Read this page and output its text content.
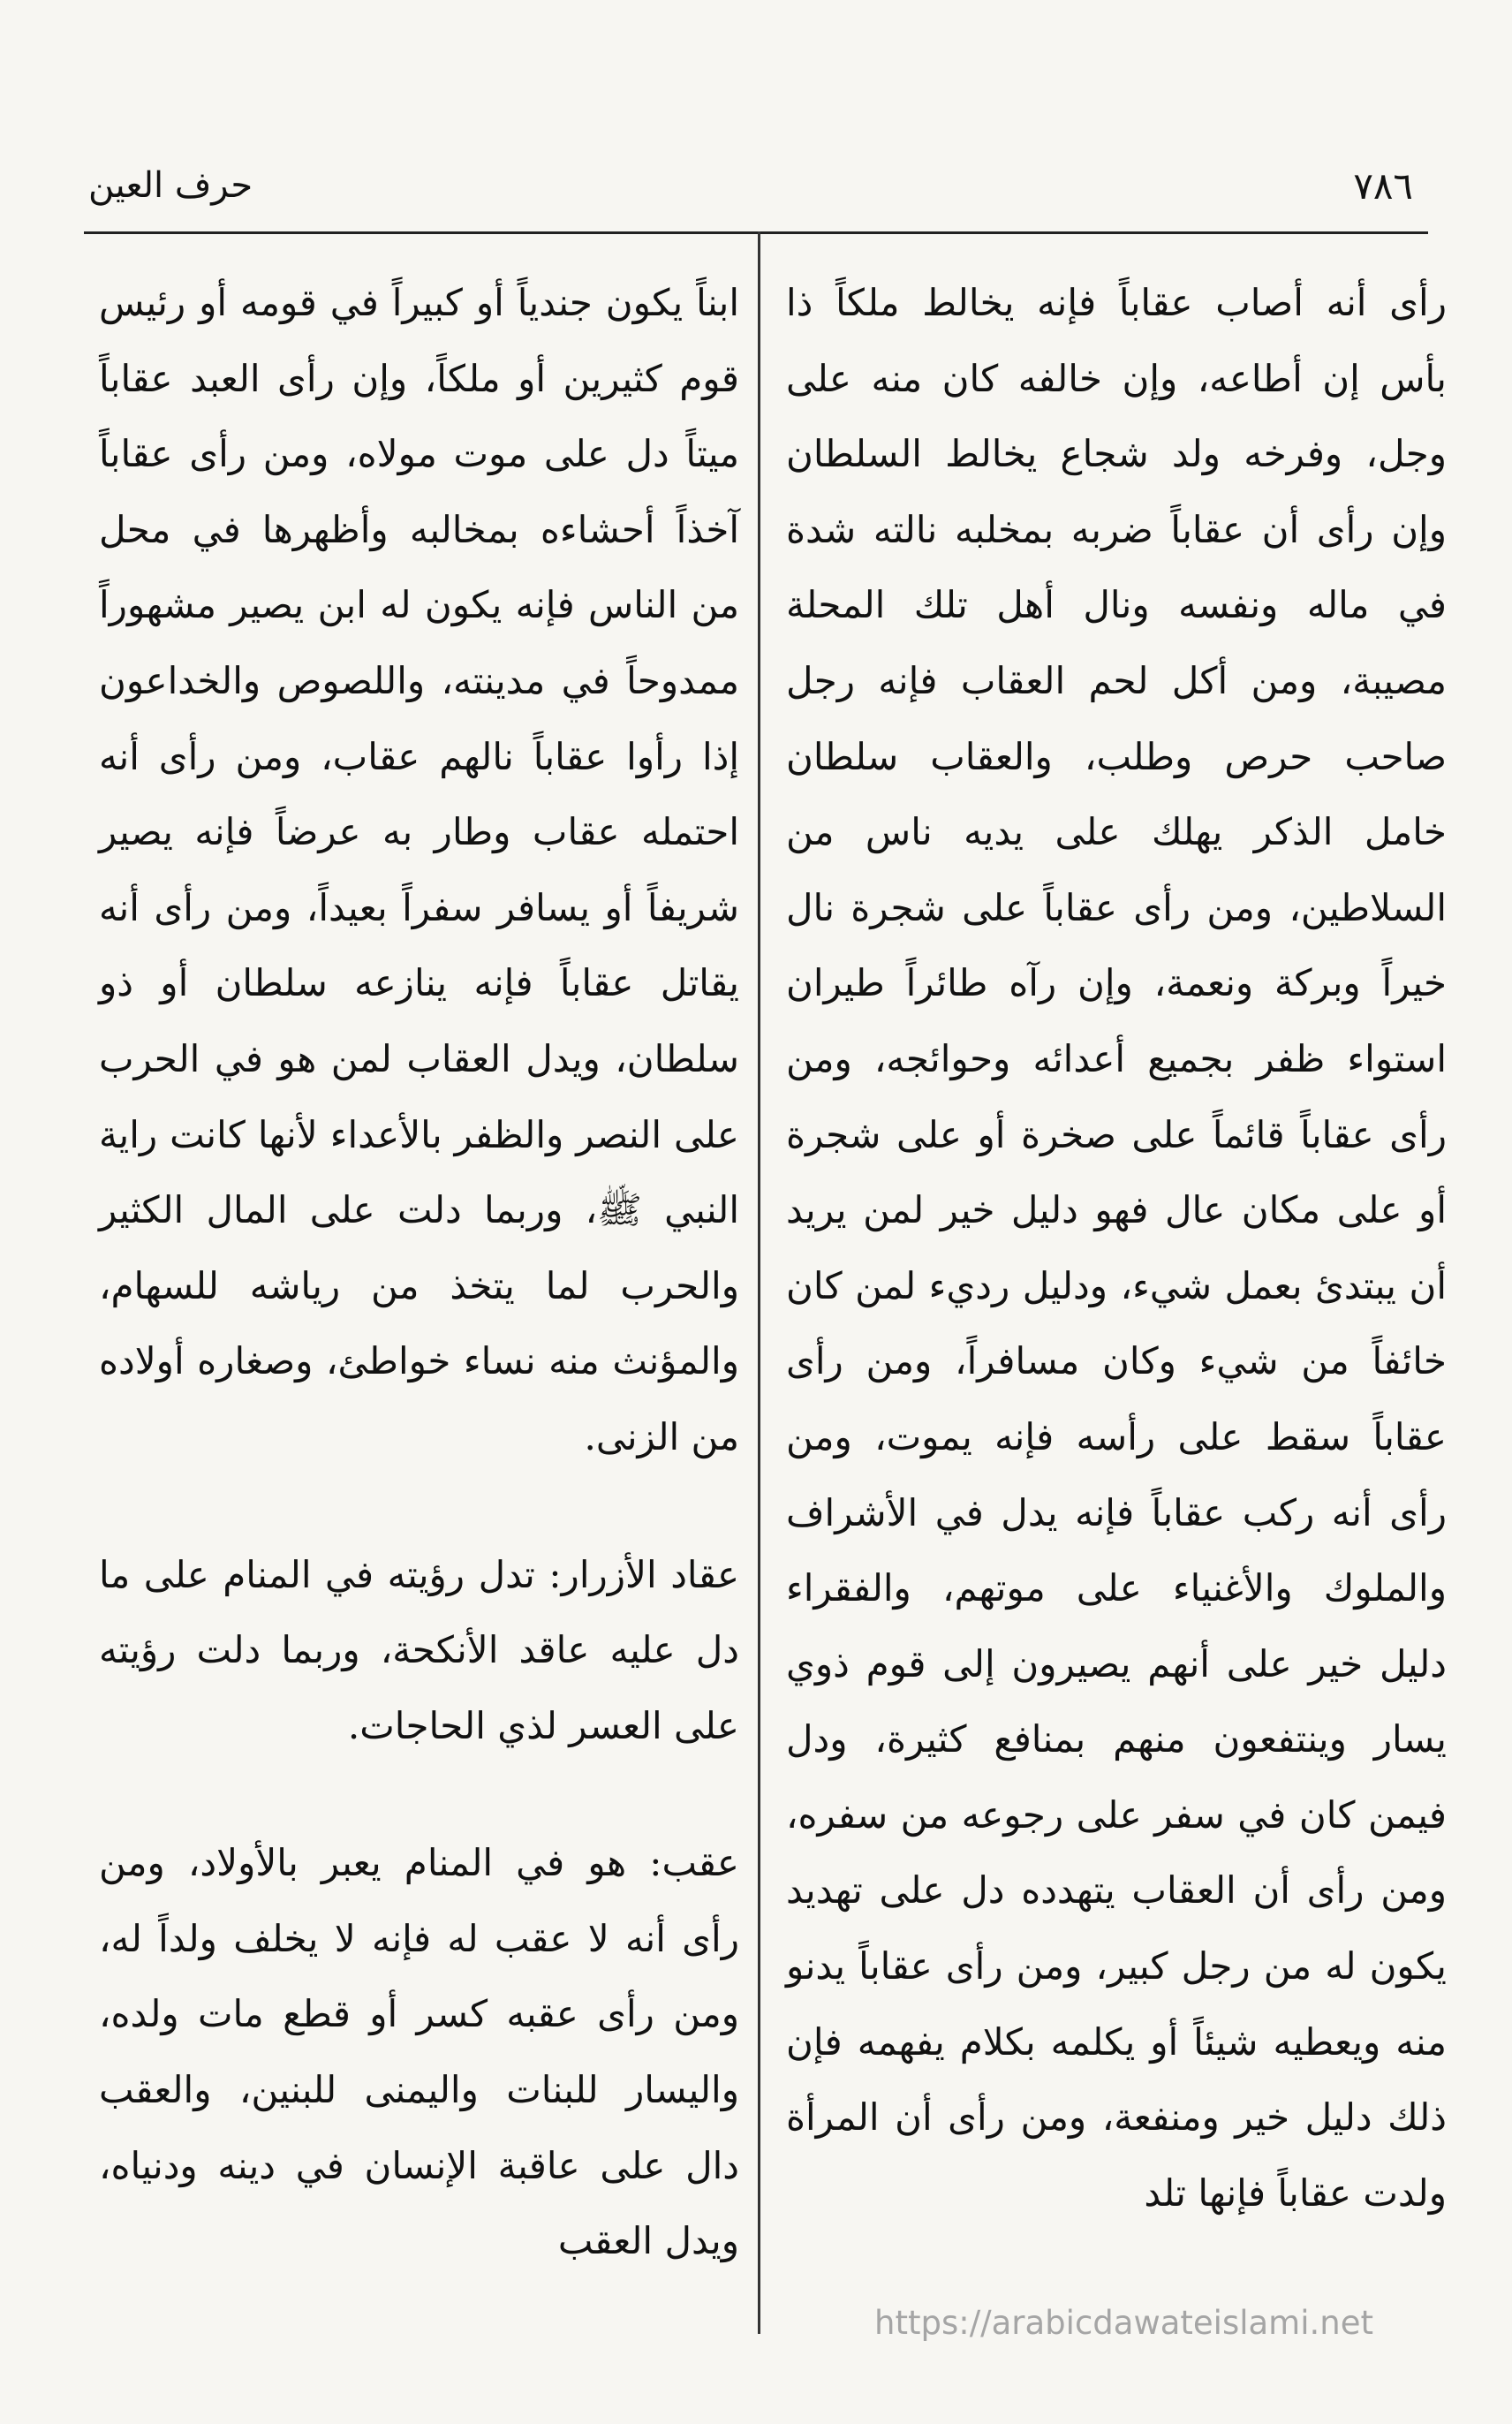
حرف العين	٧٨٦

رأى أنه أصاب عقاباً فإنه يخالط ملكاً ذا بأس إن أطاعه، وإن خالفه كان منه على وجل، وفرخه ولد شجاع يخالط السلطان وإن رأى أن عقاباً ضربه بمخلبه نالته شدة في ماله ونفسه ونال أهل تلك المحلة مصيبة، ومن أكل لحم العقاب فإنه رجل صاحب حرص وطلب، والعقاب سلطان خامل الذكر يهلك على يديه ناس من السلاطين، ومن رأى عقاباً على شجرة نال خيراً وبركة ونعمة، وإن رآه طائراً طيران استواء ظفر بجميع أعدائه وحوائجه، ومن رأى عقاباً قائماً على صخرة أو على شجرة أو على مكان عال فهو دليل خير لمن يريد أن يبتدئ بعمل شيء، ودليل رديء لمن كان خائفاً من شيء وكان مسافراً، ومن رأى عقاباً سقط على رأسه فإنه يموت، ومن رأى أنه ركب عقاباً فإنه يدل في الأشراف والملوك والأغنياء على موتهم، والفقراء دليل خير على أنهم يصيرون إلى قوم ذوي يسار وينتفعون منهم بمنافع كثيرة، ودل فيمن كان في سفر على رجوعه من سفره، ومن رأى أن العقاب يتهدده دل على تهديد يكون له من رجل كبير، ومن رأى عقاباً يدنو منه ويعطيه شيئاً أو يكلمه بكلام يفهمه فإن ذلك دليل خير ومنفعة، ومن رأى أن المرأة ولدت عقاباً فإنها تلد

ابناً يكون جندياً أو كبيراً في قومه أو رئيس قوم كثيرين أو ملكاً، وإن رأى العبد عقاباً ميتاً دل على موت مولاه، ومن رأى عقاباً آخذاً أحشاءه بمخالبه وأظهرها في محل من الناس فإنه يكون له ابن يصير مشهوراً ممدوحاً في مدينته، واللصوص والخداعون إذا رأوا عقاباً نالهم عقاب، ومن رأى أنه احتمله عقاب وطار به عرضاً فإنه يصير شريفاً أو يسافر سفراً بعيداً، ومن رأى أنه يقاتل عقاباً فإنه ينازعه سلطان أو ذو سلطان، ويدل العقاب لمن هو في الحرب على النصر والظفر بالأعداء لأنها كانت راية النبي ﷺ، وربما دلت على المال الكثير والحرب لما يتخذ من رياشه للسهام، والمؤنث منه نساء خواطئ، وصغاره أولاده من الزنى.

عقاد الأزرار: تدل رؤيته في المنام على ما دل عليه عاقد الأنكحة، وربما دلت رؤيته على العسر لذي الحاجات.

عقب: هو في المنام يعبر بالأولاد، ومن رأى أنه لا عقب له فإنه لا يخلف ولداً له، ومن رأى عقبه كسر أو قطع مات ولده، واليسار للبنات واليمنى للبنين، والعقب دال على عاقبة الإنسان في دينه ودنياه، ويدل العقب

https://arabicdawateislami.net
